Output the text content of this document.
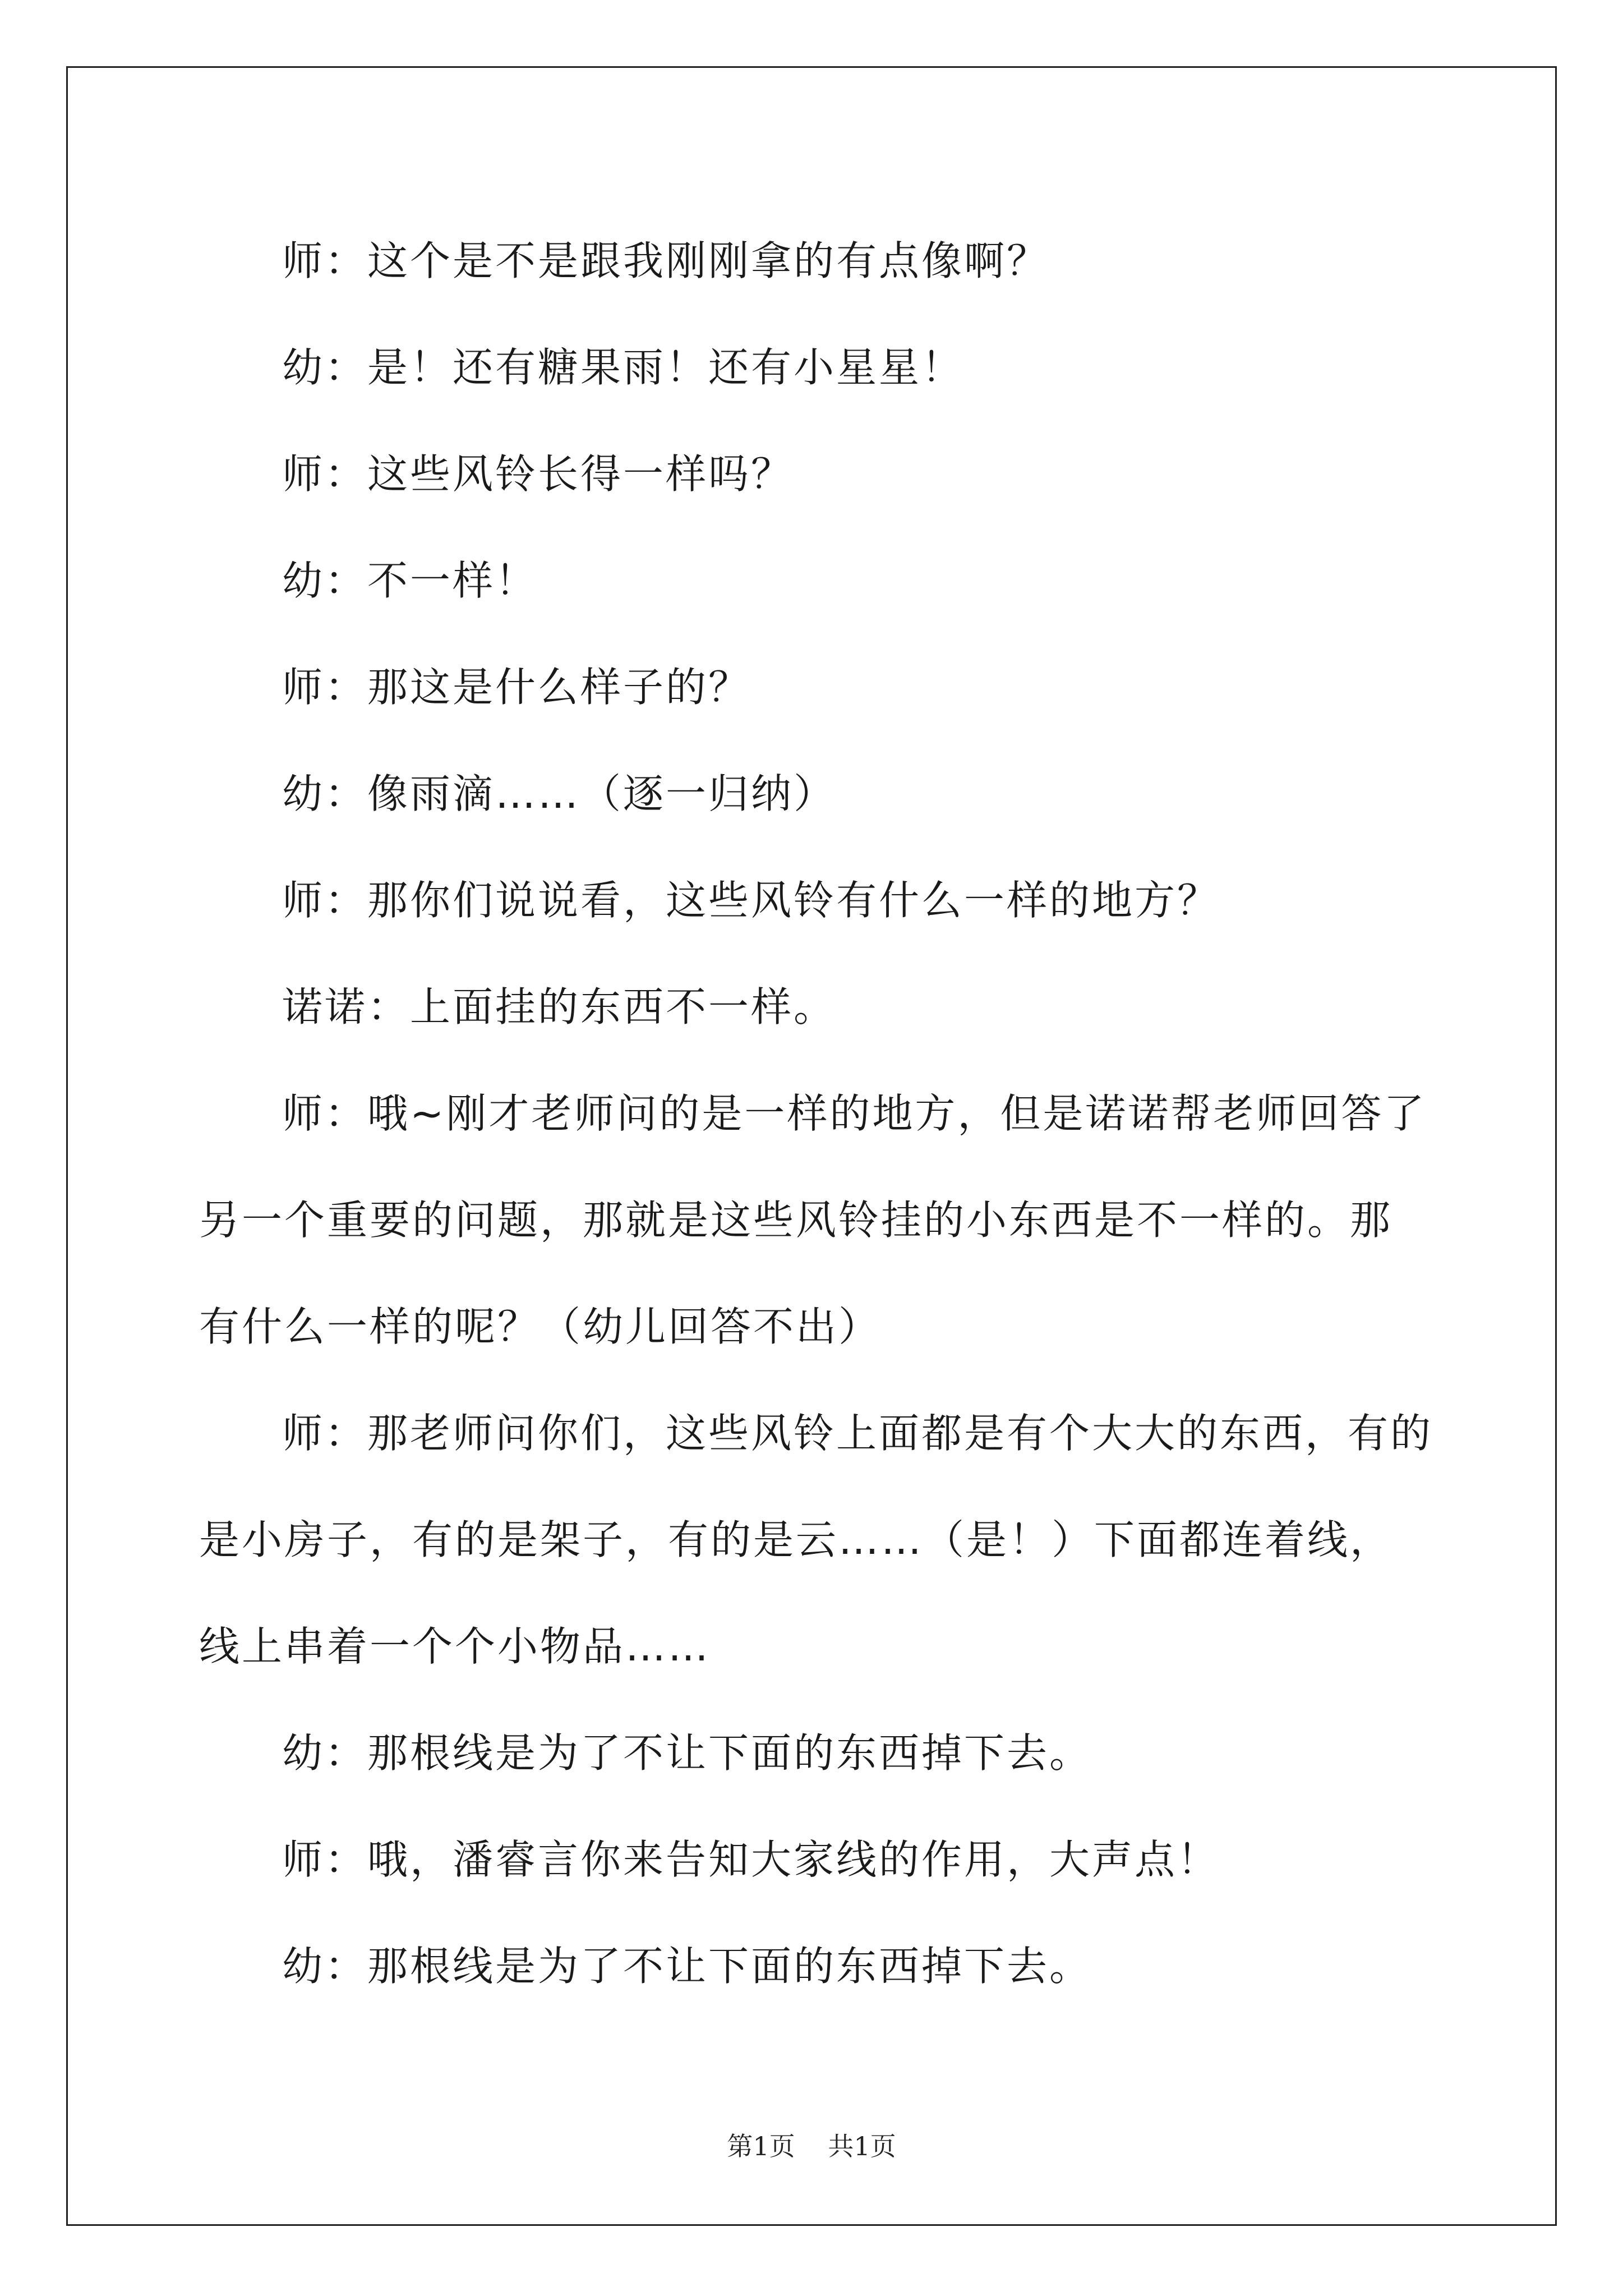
师：这个是不是跟我刚刚拿的有点像啊？

幼：是！还有糖果雨！还有小星星！

师：这些风铃长得一样吗？

幼：不一样！

师：那这是什么样子的？

幼：像雨滴……（逐一归纳）

师：那你们说说看，这些风铃有什么一样的地方？

诺诺：上面挂的东西不一样。

师：哦~刚才老师问的是一样的地方，但是诺诺帮老师回答了另一个重要的问题，那就是这些风铃挂的小东西是不一样的。那有什么一样的呢？（幼儿回答不出）

师：那老师问你们，这些风铃上面都是有个大大的东西，有的是小房子，有的是架子，有的是云……（是！）下面都连着线，线上串着一个个小物品……

幼：那根线是为了不让下面的东西掉下去。

师：哦，潘睿言你来告知大家线的作用，大声点！

幼：那根线是为了不让下面的东西掉下去。

第1页 共1页
